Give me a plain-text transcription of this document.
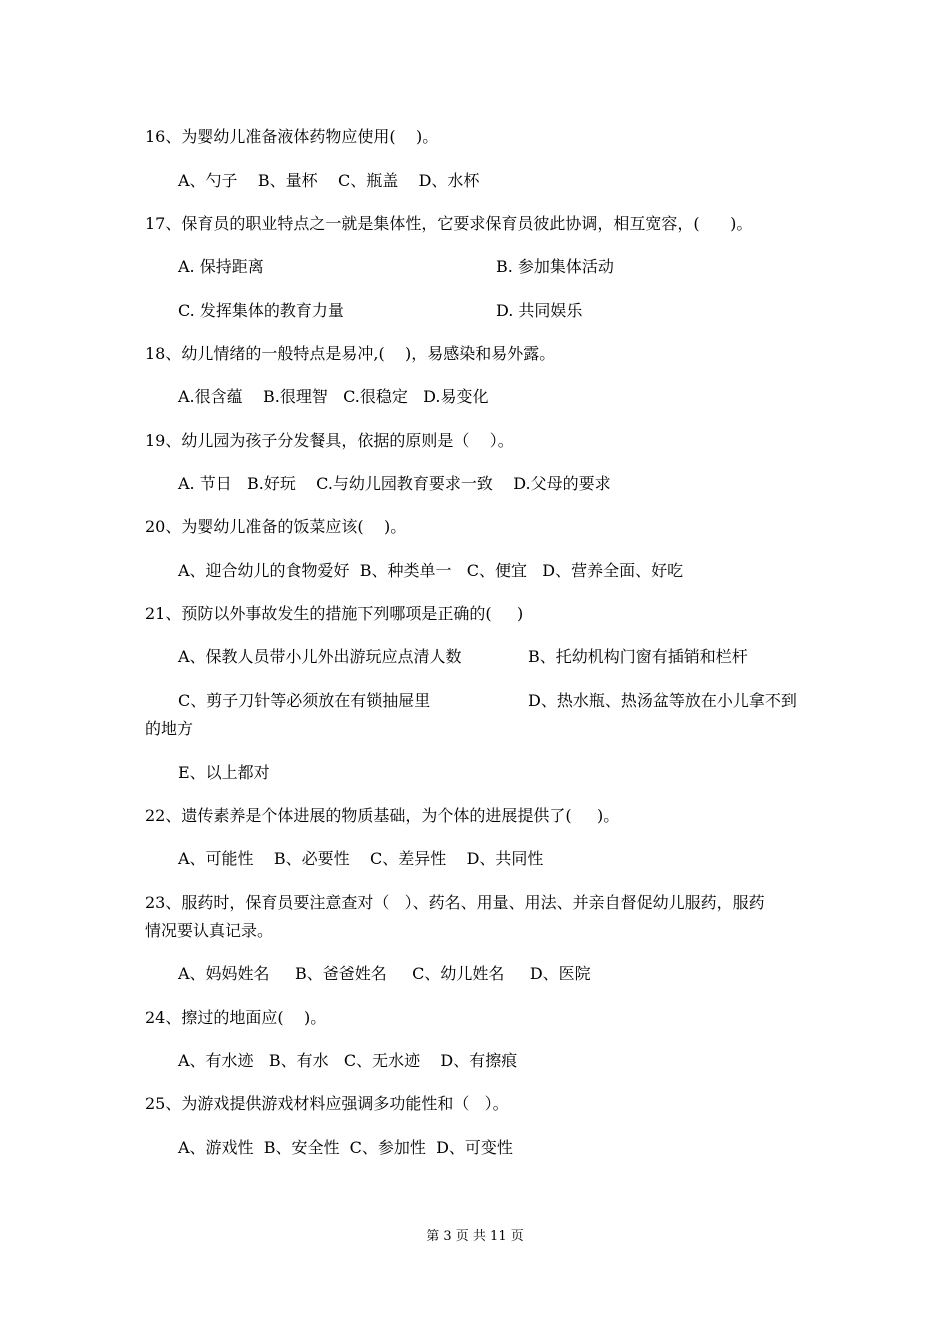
16、为婴幼儿准备液体药物应使用(    )。
A、勺子    B、量杯    C、瓶盖    D、水杯
17、保育员的职业特点之一就是集体性，它要求保育员彼此协调，相互宽容，(      )。
A. 保持距离	B. 参加集体活动
C. 发挥集体的教育力量	D. 共同娱乐
18、幼儿情绪的一般特点是易冲,(    )，易感染和易外露。
A.很含蕴    B.很理智   C.很稳定   D.易变化
19、幼儿园为孩子分发餐具，依据的原则是（    ）。
A. 节日   B.好玩    C.与幼儿园教育要求一致    D.父母的要求
20、为婴幼儿准备的饭菜应该(    )。
A、迎合幼儿的食物爱好  B、种类单一   C、便宜   D、营养全面、好吃
21、预防以外事故发生的措施下列哪项是正确的(     )
A、保教人员带小儿外出游玩应点清人数	B、托幼机构门窗有插销和栏杆
C、剪子刀针等必须放在有锁抽屉里	D、热水瓶、热汤盆等放在小儿拿不到
的地方
E、以上都对
22、遗传素养是个体进展的物质基础，为个体的进展提供了(     )。
A、可能性    B、必要性    C、差异性    D、共同性
23、服药时，保育员要注意查对（   ）、药名、用量、用法、并亲自督促幼儿服药，服药
情况要认真记录。
A、妈妈姓名     B、爸爸姓名     C、幼儿姓名     D、医院
24、擦过的地面应(    )。
A、有水迹   B、有水   C、无水迹    D、有擦痕
25、为游戏提供游戏材料应强调多功能性和（   ）。
A、游戏性  B、安全性  C、参加性  D、可变性
第 3 页 共 11 页
